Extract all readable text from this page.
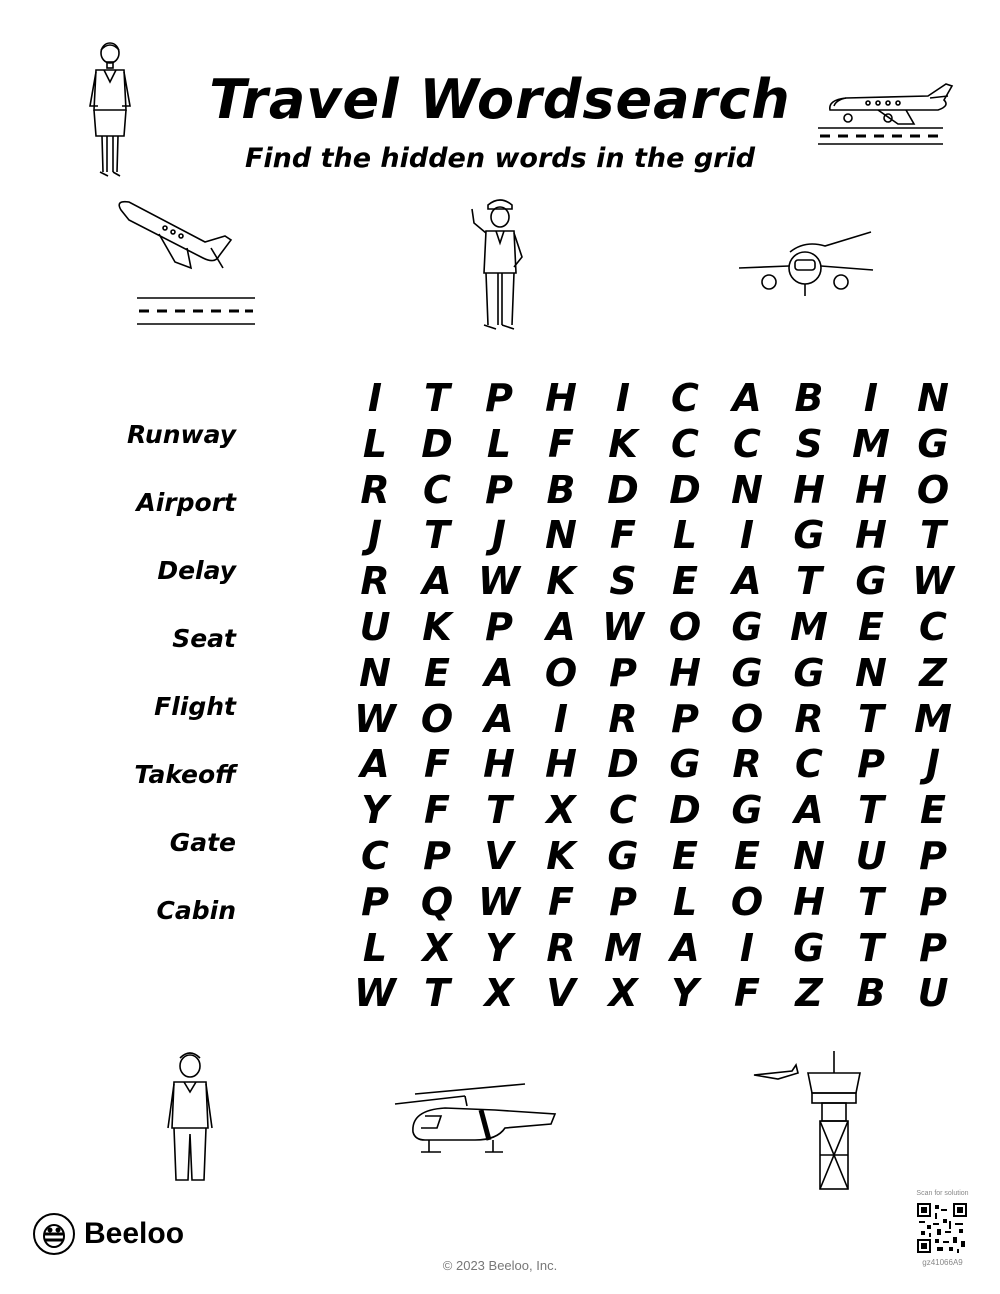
Travel Wordsearch
Find the hidden words in the grid
Runway
Airport
Delay
Seat
Flight
Takeoff
Gate
Cabin
I	T P H	I	C A B	I	N
L D L F K C C S M G
R C P B D D N H H O
J	T	J	N F L	I	G H T
R A W K S E A T G W
U K P A W O G M E C
N E A O P H G G N Z
W O A	I	R P O R T M
A F H H D G R C P	J
Y F T X C D G A T E
C P V K G E E N U P
P Q W F P L O H T P
L X Y R M A	I	G T P
W T X V X Y F Z B U
Beeloo
© 2023 Beeloo, Inc.
Scan for solution
gz41066A9
